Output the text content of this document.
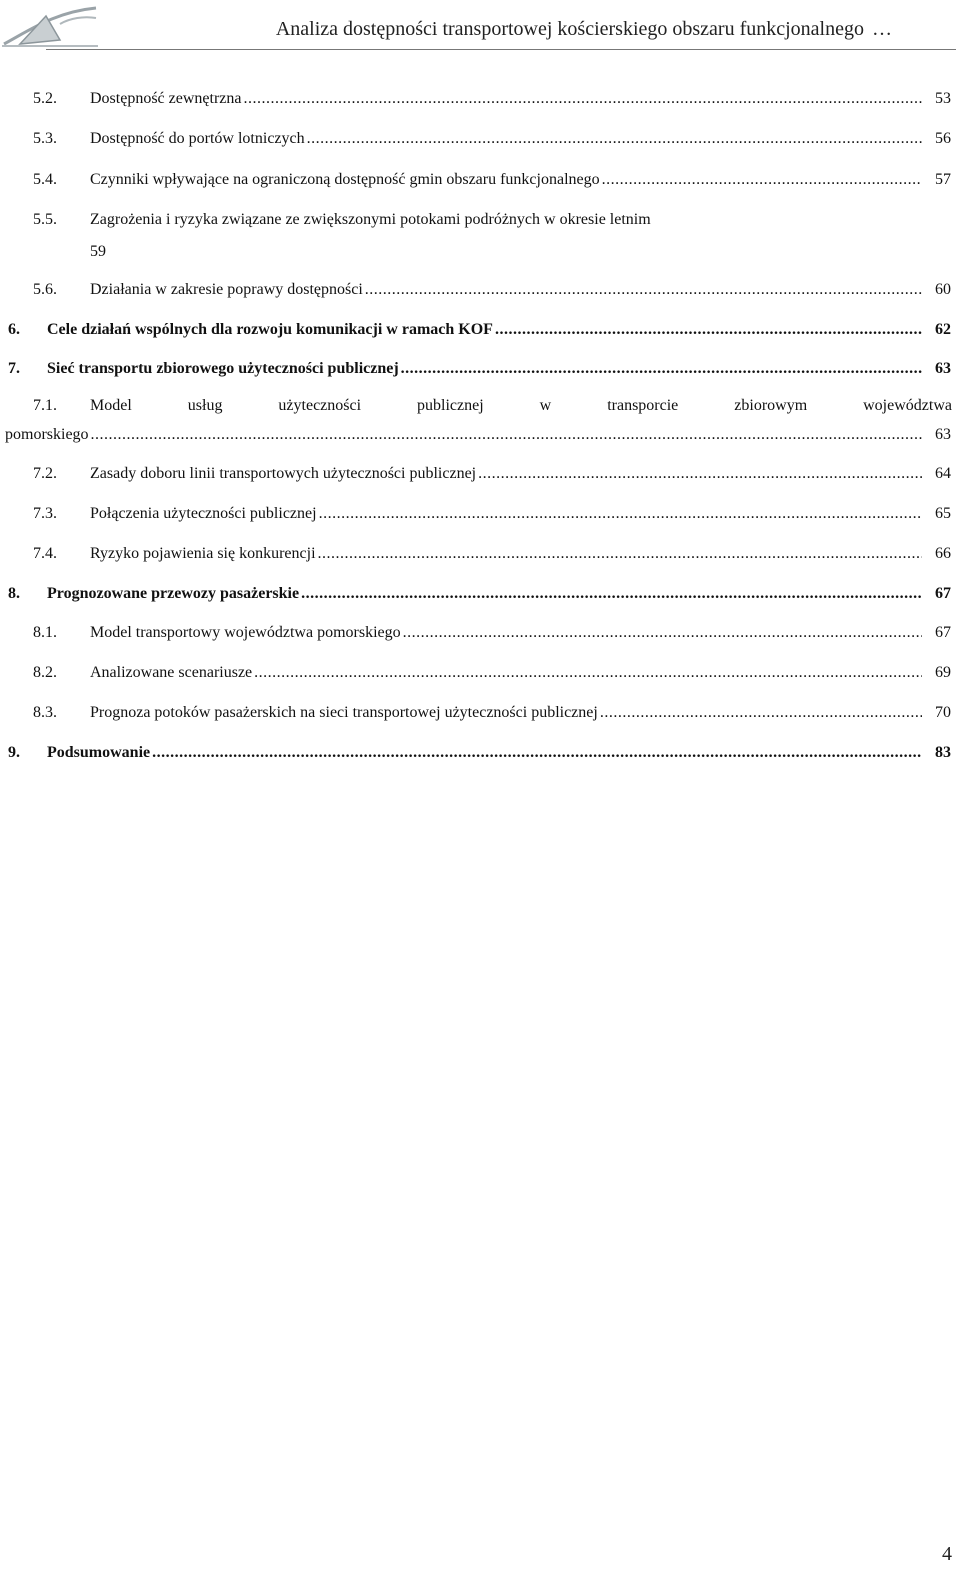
Analiza dostępności transportowej kościerskiego obszaru funkcjonalnego …
5.2. Dostępność zewnętrzna .....	53
5.3. Dostępność do portów lotniczych .....	56
5.4. Czynniki wpływające na ograniczoną dostępność gmin obszaru funkcjonalnego .....	57
5.5. Zagrożenia i ryzyka związane ze zwiększonymi potokami podróżnych w okresie letnim
59
5.6. Działania w zakresie poprawy dostępności .....	60
6. Cele działań wspólnych dla rozwoju komunikacji w ramach KOF .....	62
7. Sieć transportu zbiorowego użyteczności publicznej .....	63
7.1. Model	usług	użyteczności	publicznej	w	transporcie	zbiorowym	województwa
pomorskiego .....	63
7.2. Zasady doboru linii transportowych użyteczności publicznej .....	64
7.3. Połączenia użyteczności publicznej .....	65
7.4. Ryzyko pojawienia się konkurencji .....	66
8. Prognozowane przewozy pasażerskie .....	67
8.1. Model transportowy województwa pomorskiego .....	67
8.2. Analizowane scenariusze .....	69
8.3. Prognoza potoków pasażerskich na sieci transportowej użyteczności publicznej .....	70
9. Podsumowanie .....	83
4
